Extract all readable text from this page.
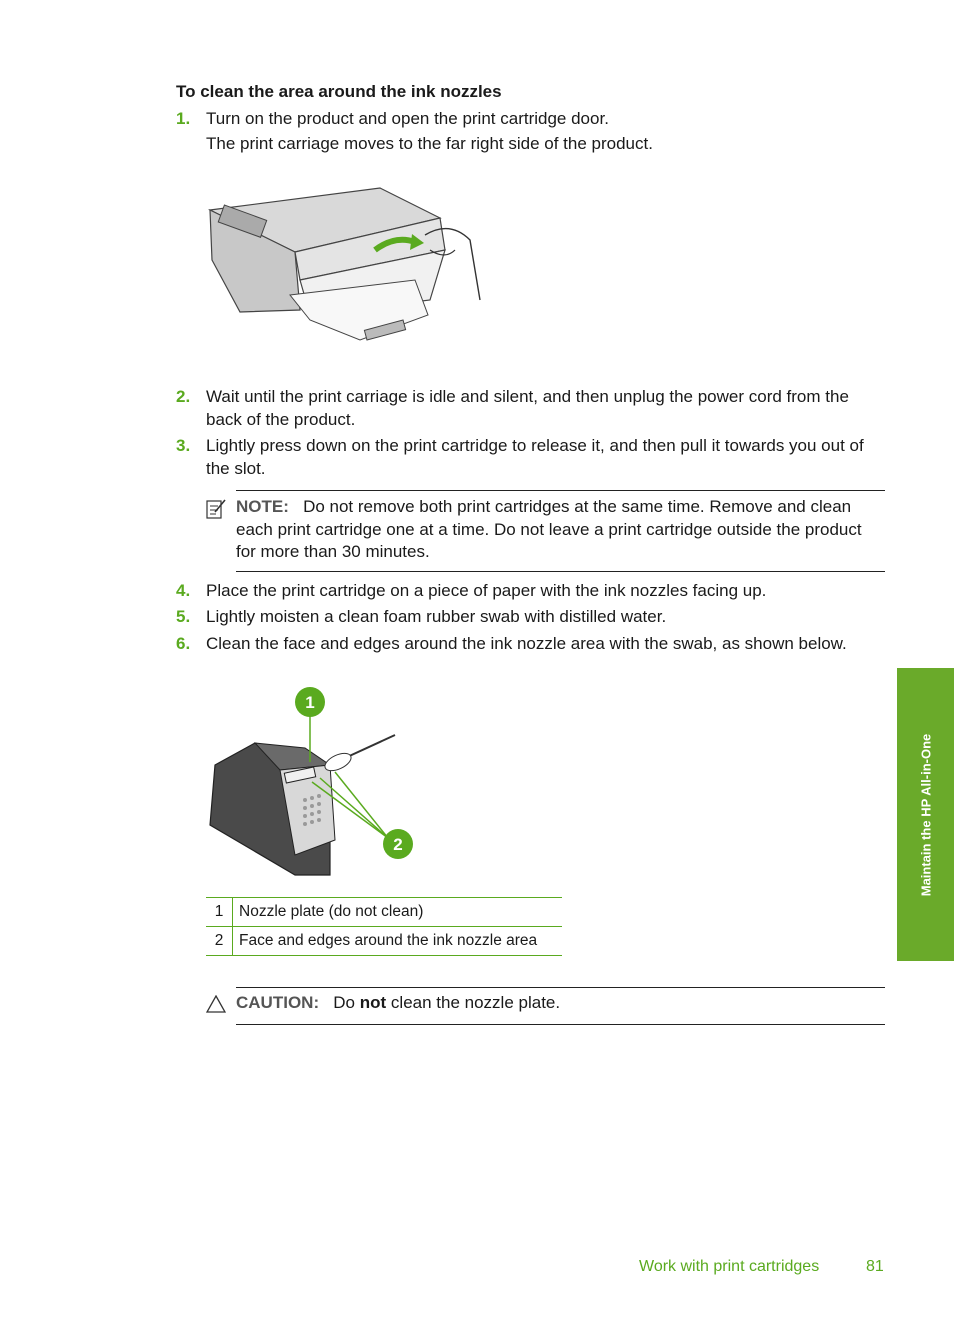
To clean the area around the ink nozzles
1. Turn on the product and open the print cartridge door.
The print carriage moves to the far right side of the product.
2. Wait until the print carriage is idle and silent, and then unplug the power cord from the back of the product.
3. Lightly press down on the print cartridge to release it, and then pull it towards you out of the slot.
NOTE: Do not remove both print cartridges at the same time. Remove and clean each print cartridge one at a time. Do not leave a print cartridge outside the product for more than 30 minutes.
4. Place the print cartridge on a piece of paper with the ink nozzles facing up.
5. Lightly moisten a clean foam rubber swab with distilled water.
6. Clean the face and edges around the ink nozzle area with the swab, as shown below.
1
2
1	Nozzle plate (do not clean)
2	Face and edges around the ink nozzle area
CAUTION: Do not clean the nozzle plate.
Maintain the HP All-in-One
Work with print cartridges	81
